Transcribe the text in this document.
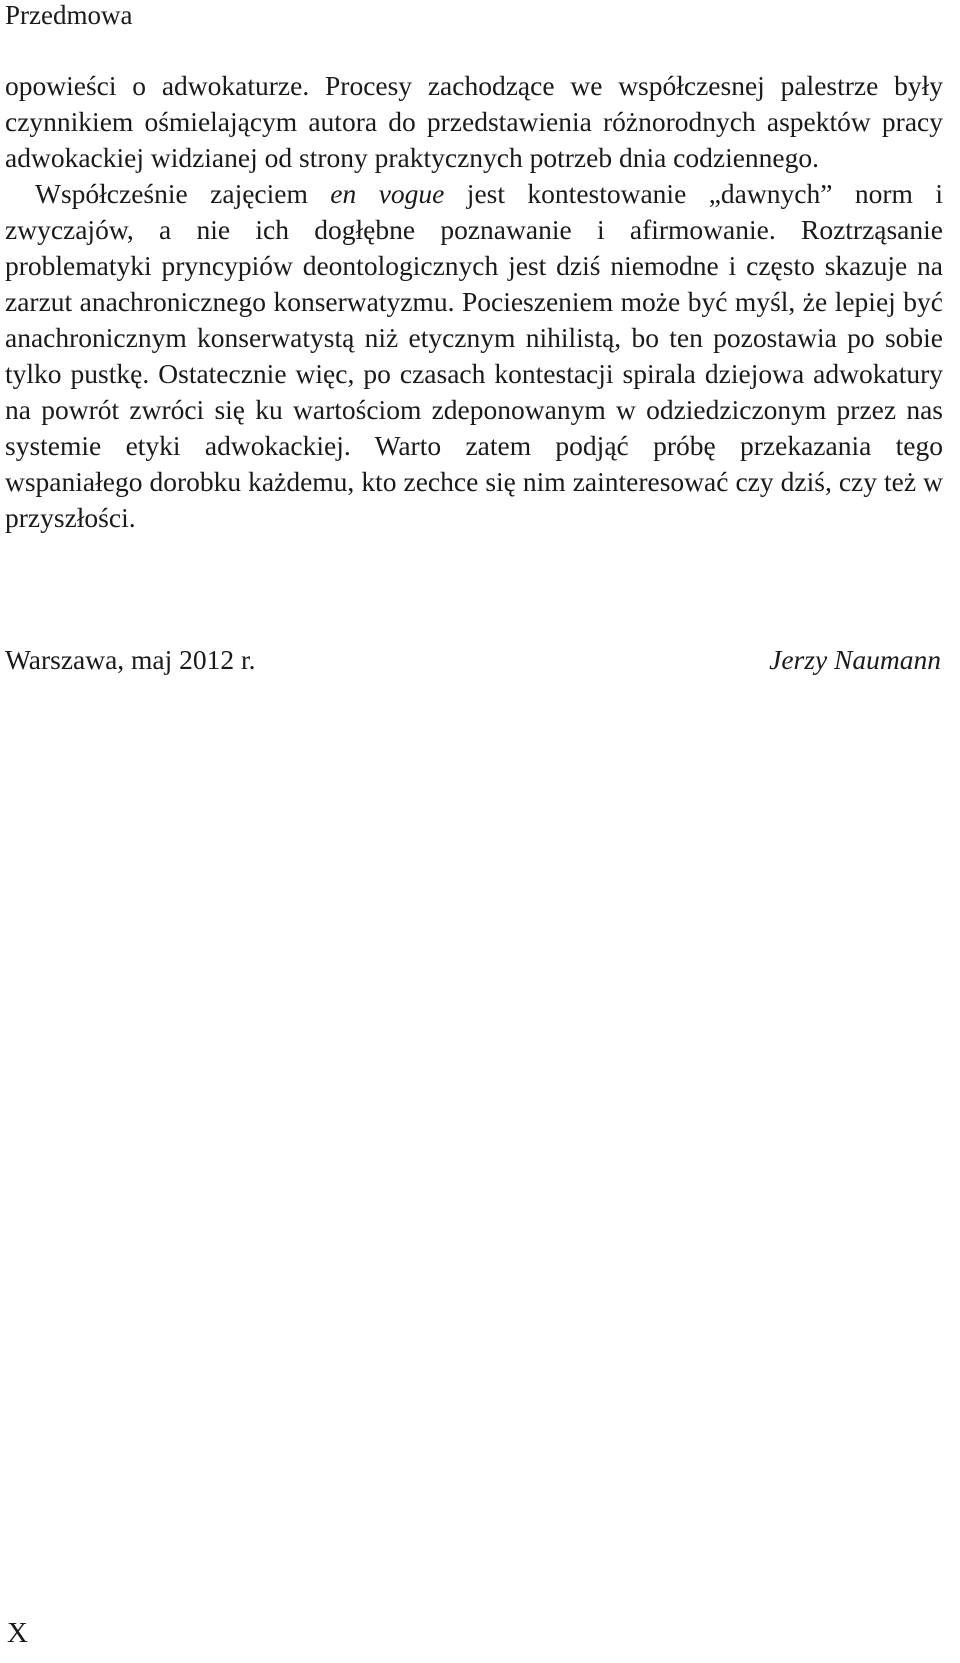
Przedmowa

opowieści o adwokaturze. Procesy zachodzące we współczesnej palestrze były czynnikiem ośmielającym autora do przedstawienia różnorodnych aspektów pracy adwokackiej widzianej od strony praktycznych potrzeb dnia codziennego.

Współcześnie zajęciem en vogue jest kontestowanie „dawnych” norm i zwyczajów, a nie ich dogłębne poznawanie i afirmowanie. Roztrząsanie problematyki pryncypiów deontologicznych jest dziś niemodne i często skazuje na zarzut anachronicznego konserwatyzmu. Pocieszeniem może być myśl, że lepiej być anachronicznym konserwatystą niż etycznym nihilistą, bo ten pozostawia po sobie tylko pustkę. Ostatecznie więc, po czasach kontestacji spirala dziejowa adwokatury na powrót zwróci się ku wartościom zdeponowanym w odziedziczonym przez nas systemie etyki adwokackiej. Warto zatem podjąć próbę przekazania tego wspaniałego dorobku każdemu, kto zechce się nim zainteresować czy dziś, czy też w przyszłości.

Warszawa, maj 2012 r.	Jerzy Naumann
X
